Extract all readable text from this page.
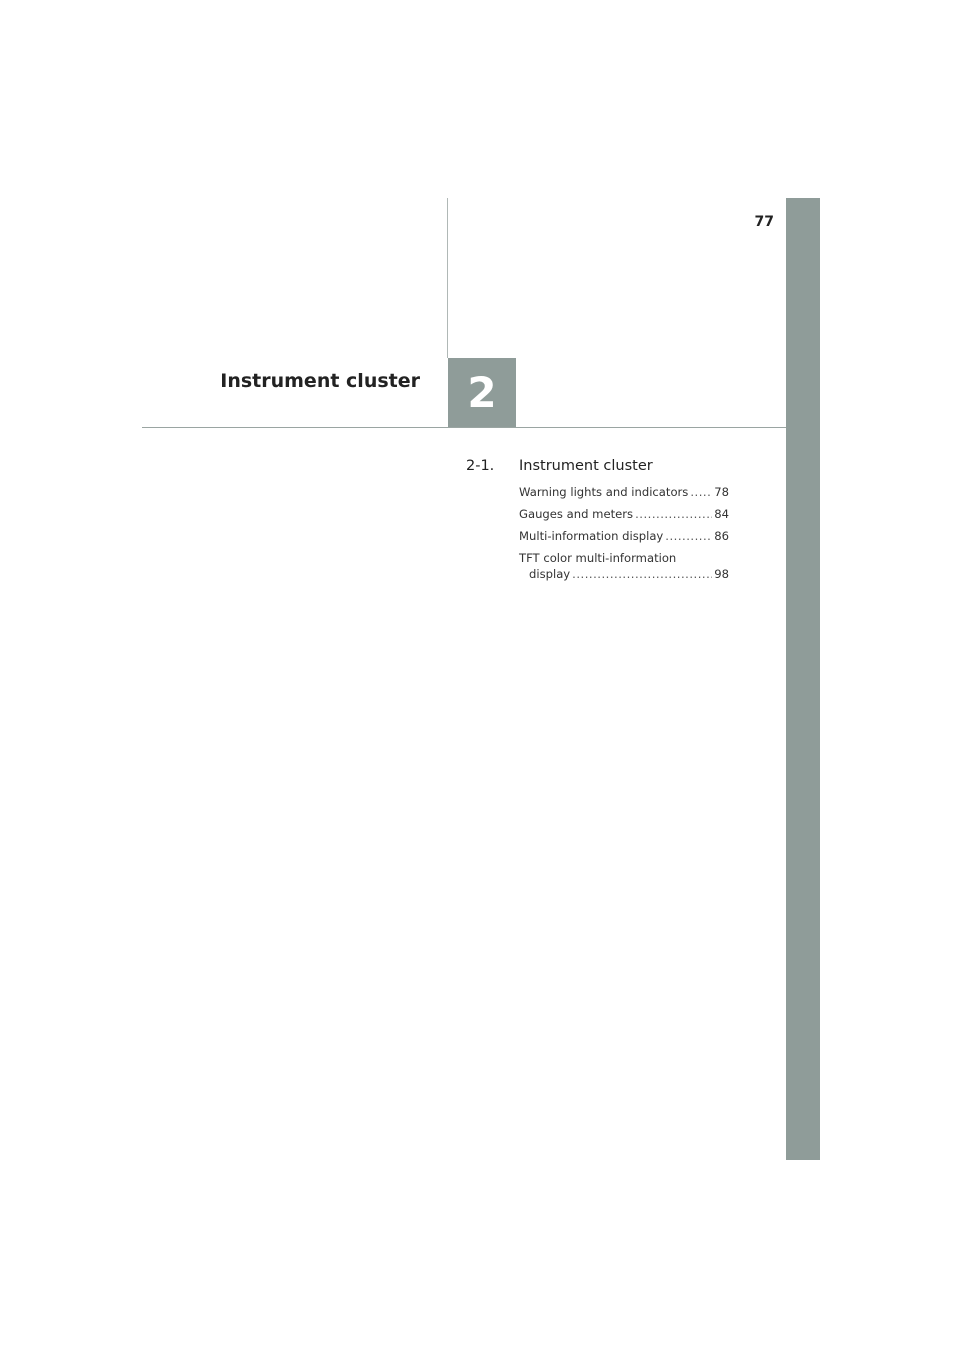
77
2
Instrument cluster
2-1. Instrument cluster
Warning lights and indicators ..... 78
Gauges and meters .....	84
Multi-information display .....	86
TFT color multi-information
display .....	98
